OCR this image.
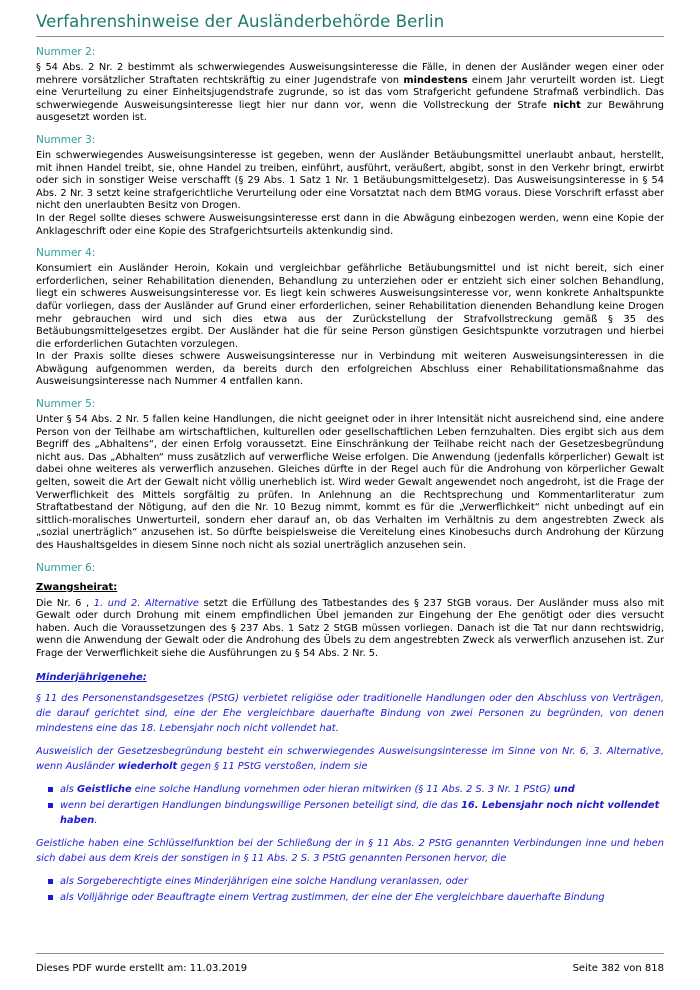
Verfahrenshinweise der Ausländerbehörde Berlin
Nummer 2:

§ 54 Abs. 2 Nr. 2 bestimmt als schwerwiegendes Ausweisungsinteresse die Fälle, in denen der Ausländer wegen einer oder mehrere vorsätzlicher Straftaten rechtskräftig zu einer Jugendstrafe von mindestens einem Jahr verurteilt worden ist. Liegt eine Verurteilung zu einer Einheitsjugendstrafe zugrunde, so ist das vom Strafgericht gefundene Strafmaß verbindlich. Das schwerwiegende Ausweisungsinteresse liegt hier nur dann vor, wenn die Vollstreckung der Strafe nicht zur Bewährung ausgesetzt worden ist.

Nummer 3:

Ein schwerwiegendes Ausweisungsinteresse ist gegeben, wenn der Ausländer Betäubungsmittel unerlaubt anbaut, herstellt, mit ihnen Handel treibt, sie, ohne Handel zu treiben, einführt, ausführt, veräußert, abgibt, sonst in den Verkehr bringt, erwirbt oder sich in sonstiger Weise verschafft (§ 29 Abs. 1 Satz 1 Nr. 1 Betäubungsmittelgesetz). Das Ausweisungsinteresse in § 54 Abs. 2 Nr. 3 setzt keine strafgerichtliche Verurteilung oder eine Vorsatztat nach dem BtMG voraus. Diese Vorschrift erfasst aber nicht den unerlaubten Besitz von Drogen.

In der Regel sollte dieses schwere Ausweisungsinteresse erst dann in die Abwägung einbezogen werden, wenn eine Kopie der Anklageschrift oder eine Kopie des Strafgerichtsurteils aktenkundig sind.

Nummer 4:

Konsumiert ein Ausländer Heroin, Kokain und vergleichbar gefährliche Betäubungsmittel und ist nicht bereit, sich einer erforderlichen, seiner Rehabilitation dienenden, Behandlung zu unterziehen oder er entzieht sich einer solchen Behandlung, liegt ein schweres Ausweisungsinteresse vor. Es liegt kein schweres Ausweisungsinteresse vor, wenn konkrete Anhaltspunkte dafür vorliegen, dass der Ausländer auf Grund einer erforderlichen, seiner Rehabilitation dienenden Behandlung keine Drogen mehr gebrauchen wird und sich dies etwa aus der Zurückstellung der Strafvollstreckung gemäß § 35 des Betäubungsmittelgesetzes ergibt. Der Ausländer hat die für seine Person günstigen Gesichtspunkte vorzutragen und hierbei die erforderlichen Gutachten vorzulegen.

In der Praxis sollte dieses schwere Ausweisungsinteresse nur in Verbindung mit weiteren Ausweisungsinteressen in die Abwägung aufgenommen werden, da bereits durch den erfolgreichen Abschluss einer Rehabilitationsmaßnahme das Ausweisungsinteresse nach Nummer 4 entfallen kann.

Nummer 5:

Unter § 54 Abs. 2 Nr. 5 fallen keine Handlungen, die nicht geeignet oder in ihrer Intensität nicht ausreichend sind, eine andere Person von der Teilhabe am wirtschaftlichen, kulturellen oder gesellschaftlichen Leben fernzuhalten. Dies ergibt sich aus dem Begriff des „Abhaltens“, der einen Erfolg voraussetzt. Eine Einschränkung der Teilhabe reicht nach der Gesetzesbegründung nicht aus. Das „Abhalten“ muss zusätzlich auf verwerfliche Weise erfolgen. Die Anwendung (jedenfalls körperlicher) Gewalt ist dabei ohne weiteres als verwerflich anzusehen. Gleiches dürfte in der Regel auch für die Androhung von körperlicher Gewalt gelten, soweit die Art der Gewalt nicht völlig unerheblich ist. Wird weder Gewalt angewendet noch angedroht, ist die Frage der Verwerflichkeit des Mittels sorgfältig zu prüfen. In Anlehnung an die Rechtsprechung und Kommentarliteratur zum Straftatbestand der Nötigung, auf den die Nr. 10 Bezug nimmt, kommt es für die „Verwerflichkeit“ nicht unbedingt auf ein sittlich-moralisches Unwerturteil, sondern eher darauf an, ob das Verhalten im Verhältnis zu dem angestrebten Zweck als „sozial unerträglich“ anzusehen ist. So dürfte beispielsweise die Vereitelung eines Kinobesuchs durch Androhung der Kürzung des Haushaltsgeldes in diesem Sinne noch nicht als sozial unerträglich anzusehen sein.

Nummer 6:
Zwangsheirat:

Die Nr. 6 , 1. und 2. Alternative setzt die Erfüllung des Tatbestandes des § 237 StGB voraus. Der Ausländer muss also mit Gewalt oder durch Drohung mit einem empfindlichen Übel jemanden zur Eingehung der Ehe genötigt oder dies versucht haben. Auch die Voraussetzungen des § 237 Abs. 1 Satz 2 StGB müssen vorliegen. Danach ist die Tat nur dann rechtswidrig, wenn die Anwendung der Gewalt oder die Androhung des Übels zu dem angestrebten Zweck als verwerflich anzusehen ist. Zur Frage der Verwerflichkeit siehe die Ausführungen zu § 54 Abs. 2 Nr. 5.

Minderjährigenehe:

§ 11 des Personenstandsgesetzes (PStG) verbietet religiöse oder traditionelle Handlungen oder den Abschluss von Verträgen, die darauf gerichtet sind, eine der Ehe vergleichbare dauerhafte Bindung von zwei Personen zu begründen, von denen mindestens eine das 18. Lebensjahr noch nicht vollendet hat.

Ausweislich der Gesetzesbegründung besteht ein schwerwiegendes Ausweisungsinteresse im Sinne von Nr. 6, 3. Alternative, wenn Ausländer wiederholt gegen § 11 PStG verstoßen, indem sie

als Geistliche eine solche Handlung vornehmen oder hieran mitwirken (§ 11 Abs. 2 S. 3 Nr. 1 PStG) und
wenn bei derartigen Handlungen bindungswillige Personen beteiligt sind, die das 16. Lebensjahr noch nicht vollendet haben.

Geistliche haben eine Schlüsselfunktion bei der Schließung der in § 11 Abs. 2 PStG genannten Verbindungen inne und heben sich dabei aus dem Kreis der sonstigen in § 11 Abs. 2 S. 3 PStG genannten Personen hervor, die

als Sorgeberechtigte eines Minderjährigen eine solche Handlung veranlassen, oder
als Volljährige oder Beauftragte einem Vertrag zustimmen, der eine der Ehe vergleichbare dauerhafte Bindung
Dieses PDF wurde erstellt am: 11.03.2019	Seite 382 von 818
